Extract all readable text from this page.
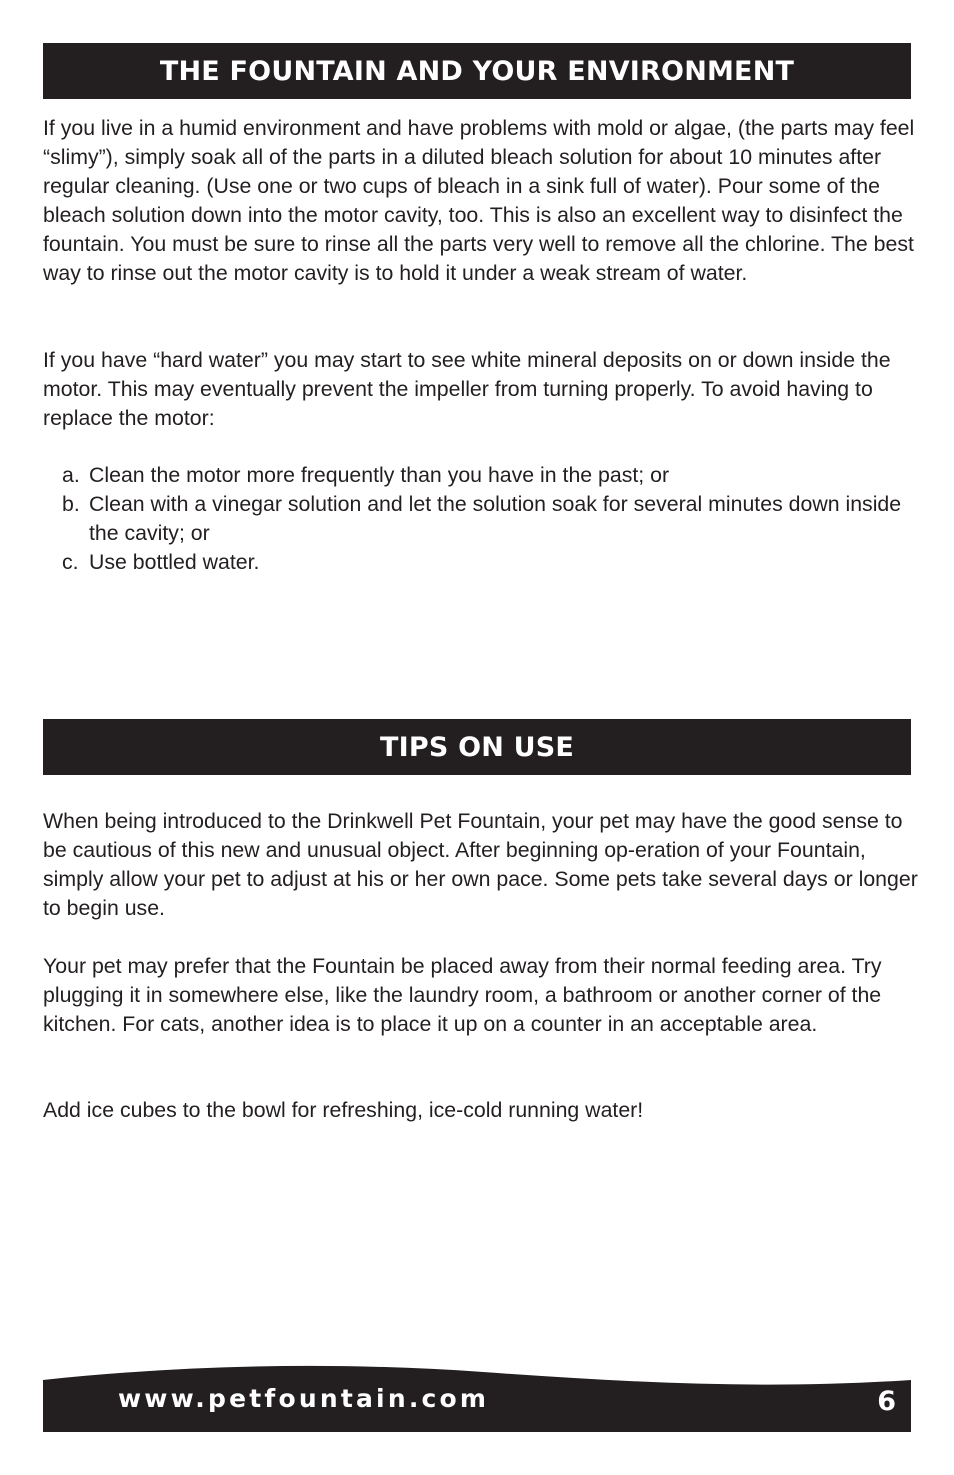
THE FOUNTAIN AND YOUR ENVIRONMENT

If you live in a humid environment and have problems with mold or algae, (the parts may feel “slimy”), simply soak all of the parts in a diluted bleach solution for about 10 minutes after regular cleaning. (Use one or two cups of bleach in a sink full of water). Pour some of the bleach solution down into the motor cavity, too. This is also an excellent way to disinfect the fountain. You must be sure to rinse all the parts very well to remove all the chlorine. The best way to rinse out the motor cavity is to hold it under a weak stream of water.

If you have “hard water” you may start to see white mineral deposits on or down inside the motor. This may eventually prevent the impeller from turning properly. To avoid having to replace the motor:

a. Clean the motor more frequently than you have in the past; or
b. Clean with a vinegar solution and let the solution soak for several minutes down inside the cavity; or
c. Use bottled water.
TIPS ON USE

When being introduced to the Drinkwell Pet Fountain, your pet may have the good sense to be cautious of this new and unusual object. After beginning op-eration of your Fountain, simply allow your pet to adjust at his or her own pace. Some pets take several days or longer to begin use.

Your pet may prefer that the Fountain be placed away from their normal feeding area. Try plugging it in somewhere else, like the laundry room, a bathroom or another corner of the kitchen. For cats, another idea is to place it up on a counter in an acceptable area.

Add ice cubes to the bowl for refreshing, ice-cold running water!

www.petfountain.com	6
